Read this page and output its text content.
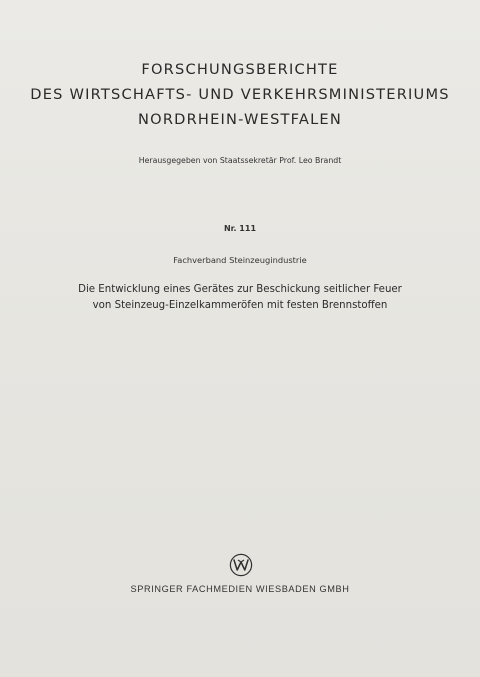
FORSCHUNGSBERICHTE
DES WIRTSCHAFTS- UND VERKEHRSMINISTERIUMS
NORDRHEIN-WESTFALEN
Herausgegeben von Staatssekretär Prof. Leo Brandt
Nr. 111
Fachverband Steinzeugindustrie
Die Entwicklung eines Gerätes zur Beschickung seitlicher Feuer
von Steinzeug-Einzelkammeröfen mit festen Brennstoffen
SPRINGER FACHMEDIEN WIESBADEN GMBH
